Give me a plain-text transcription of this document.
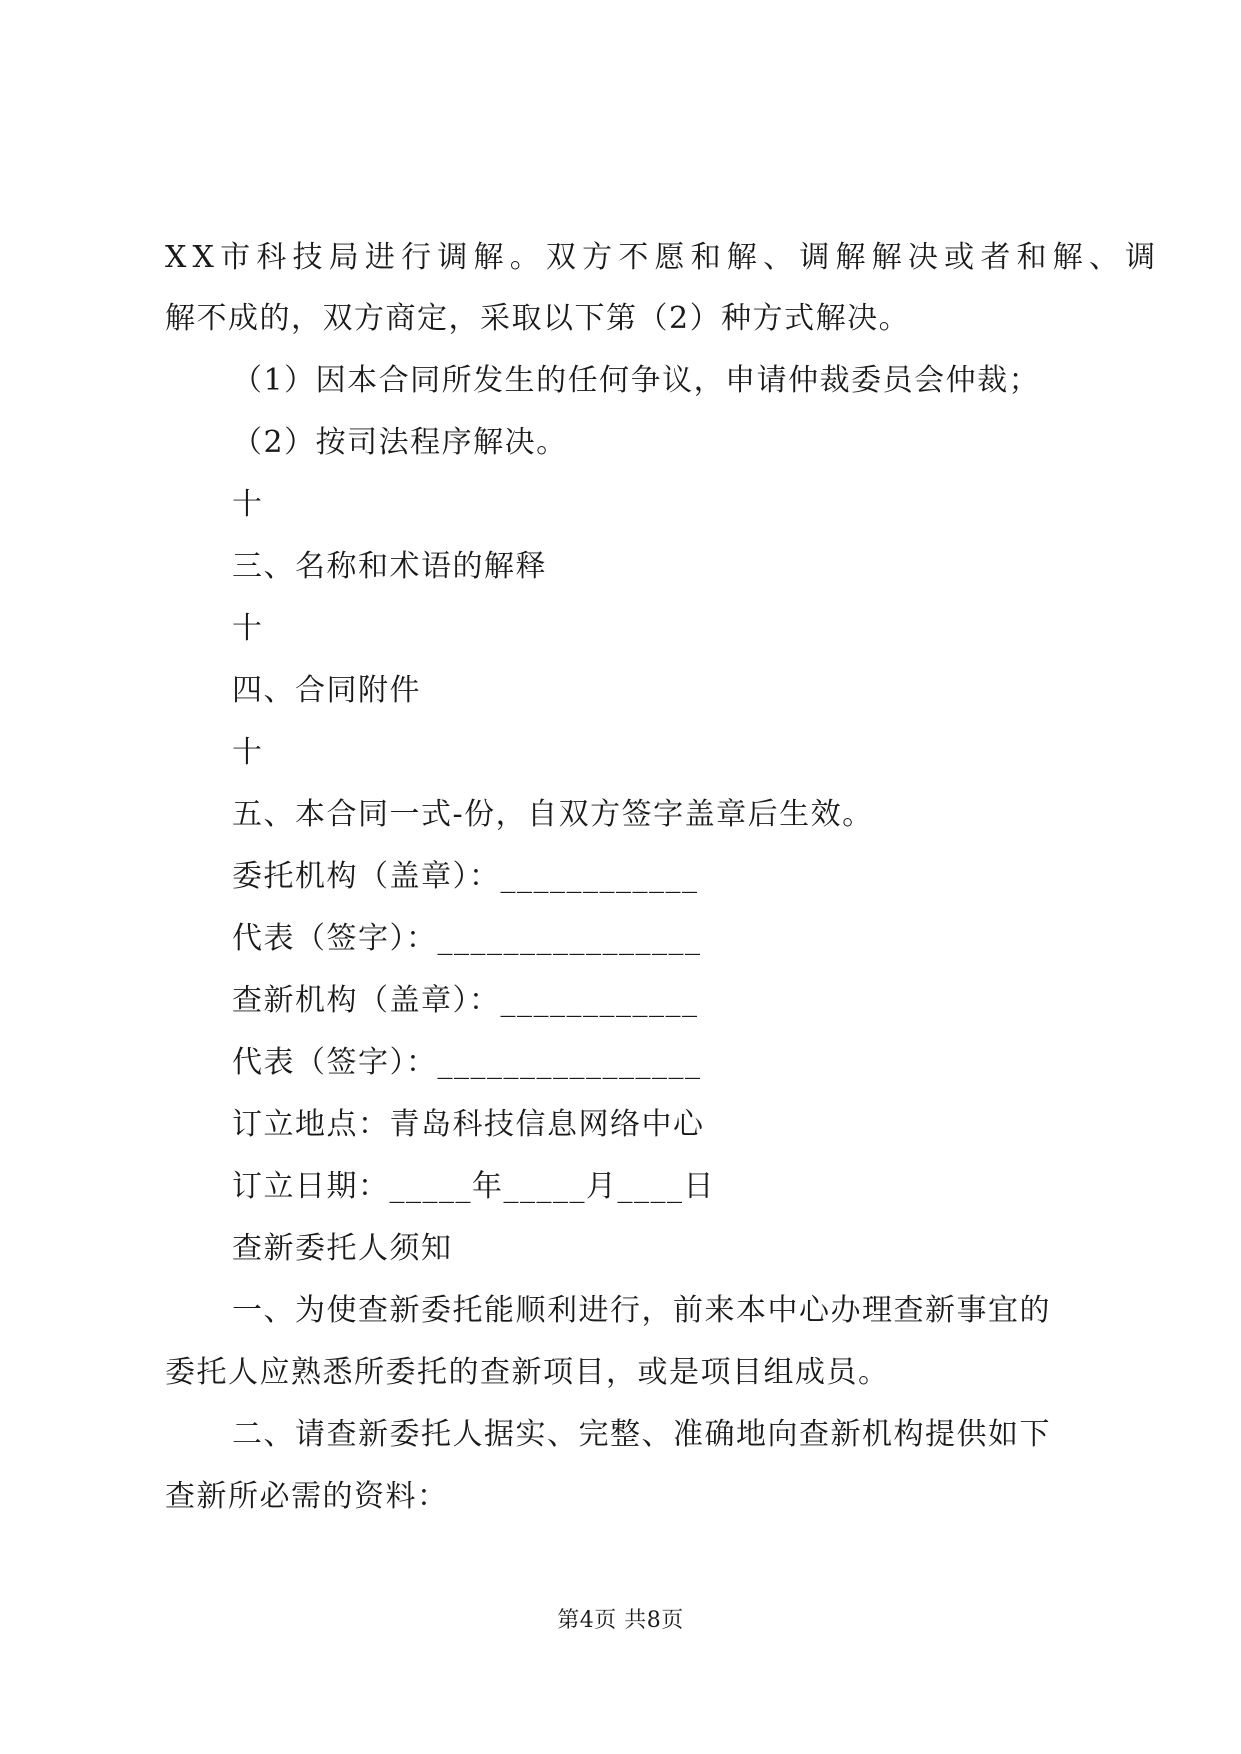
XX市科技局进行调解。双方不愿和解、调解解决或者和解、调
解不成的，双方商定，采取以下第（2）种方式解决。
（1）因本合同所发生的任何争议，申请仲裁委员会仲裁；
（2）按司法程序解决。
十
三、名称和术语的解释
十
四、合同附件
十
五、本合同一式-份，自双方签字盖章后生效。
委托机构（盖章）：____________
代表（签字）：________________
查新机构（盖章）：____________
代表（签字）：________________
订立地点：青岛科技信息网络中心
订立日期：_____年_____月____日
查新委托人须知
一、为使查新委托能顺利进行，前来本中心办理查新事宜的
委托人应熟悉所委托的查新项目，或是项目组成员。
二、请查新委托人据实、完整、准确地向查新机构提供如下
查新所必需的资料：
第4页 共8页
